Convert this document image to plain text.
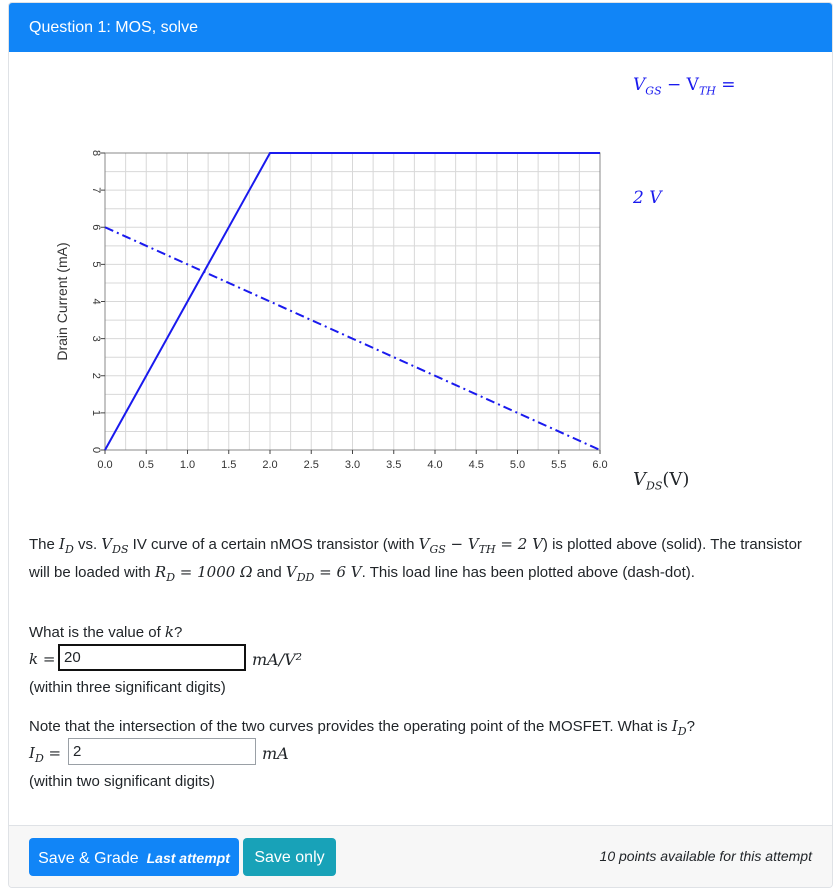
Question 1: MOS, solve
0.0 0.5 1.0 1.5 2.0 2.5 3.0 3.5 4.0 4.5 5.0 5.5 6.0
0
1
2
3
4
5
6
7
8
Drain Current (mA)
$V_{GS} - V_{TH}$ =
2 V
$V_{DS}(V)$
The $I_D$ vs. $V_{DS}$ IV curve of a certain nMOS transistor (with $V_{GS} - V_{TH} = 2$ V) is plotted above (solid). The transistor will be loaded with $R_D = 1000$ Ω and $V_{DD} = 6$ V. This load line has been plotted above (dash-dot).
What is the value of k?
k =
20	mA/V²
(within three significant digits)
Note that the intersection of the two curves provides the operating point of the MOSFET. What is $I_D$?
$I_D$ =
2	mA
(within two significant digits)
Save & Grade Last attempt	Save only	10 points available for this attempt
